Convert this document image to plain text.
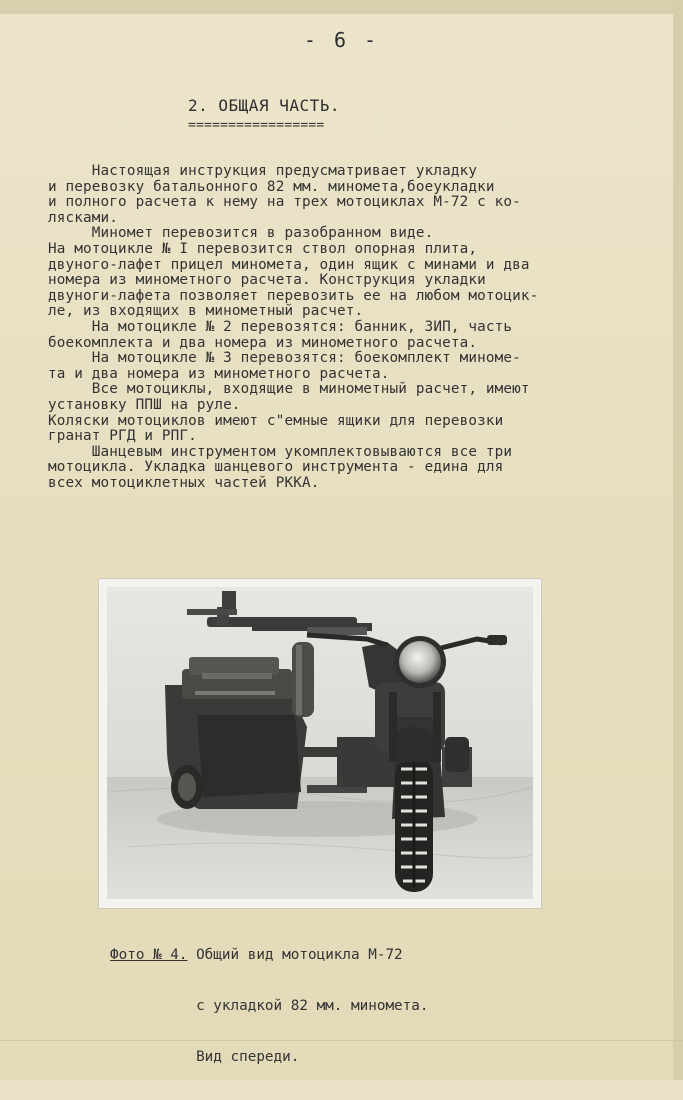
- 6 -
2. ОБЩАЯ ЧАСТЬ.
=================
Настоящая инструкция предусматривает укладку
и перевозку батальонного 82 мм. миномета,боеукладки
и полного расчета к нему на трех мотоциклах М-72 с ко-
лясками.
Миномет перевозится в разобранном виде.
На мотоцикле № I перевозится ствол опорная плита,
двуного-лафет прицел миномета, один ящик с минами и два
номера из минометного расчета. Конструкция укладки
двуноги-лафета позволяет перевозить ее на любом мотоцик-
ле, из входящих в минометный расчет.
На мотоцикле № 2 перевозятся: банник, ЗИП, часть
боекомплекта и два номера из минометного расчета.
На мотоцикле № 3 перевозятся: боекомплект миноме-
та и два номера из минометного расчета.
Все мотоциклы, входящие в минометный расчет, имеют
установку ППШ на руле.
Коляски мотоциклов имеют с"емные ящики для перевозки
гранат РГД и РПГ.
Шанцевым инструментом укомплектовываются все три
мотоцикла. Укладка шанцевого инструмента - едина для
всех мотоциклетных частей РККА.

Фото № 4. Общий вид мотоцикла М-72

с укладкой 82 мм. миномета.

Вид спереди.
